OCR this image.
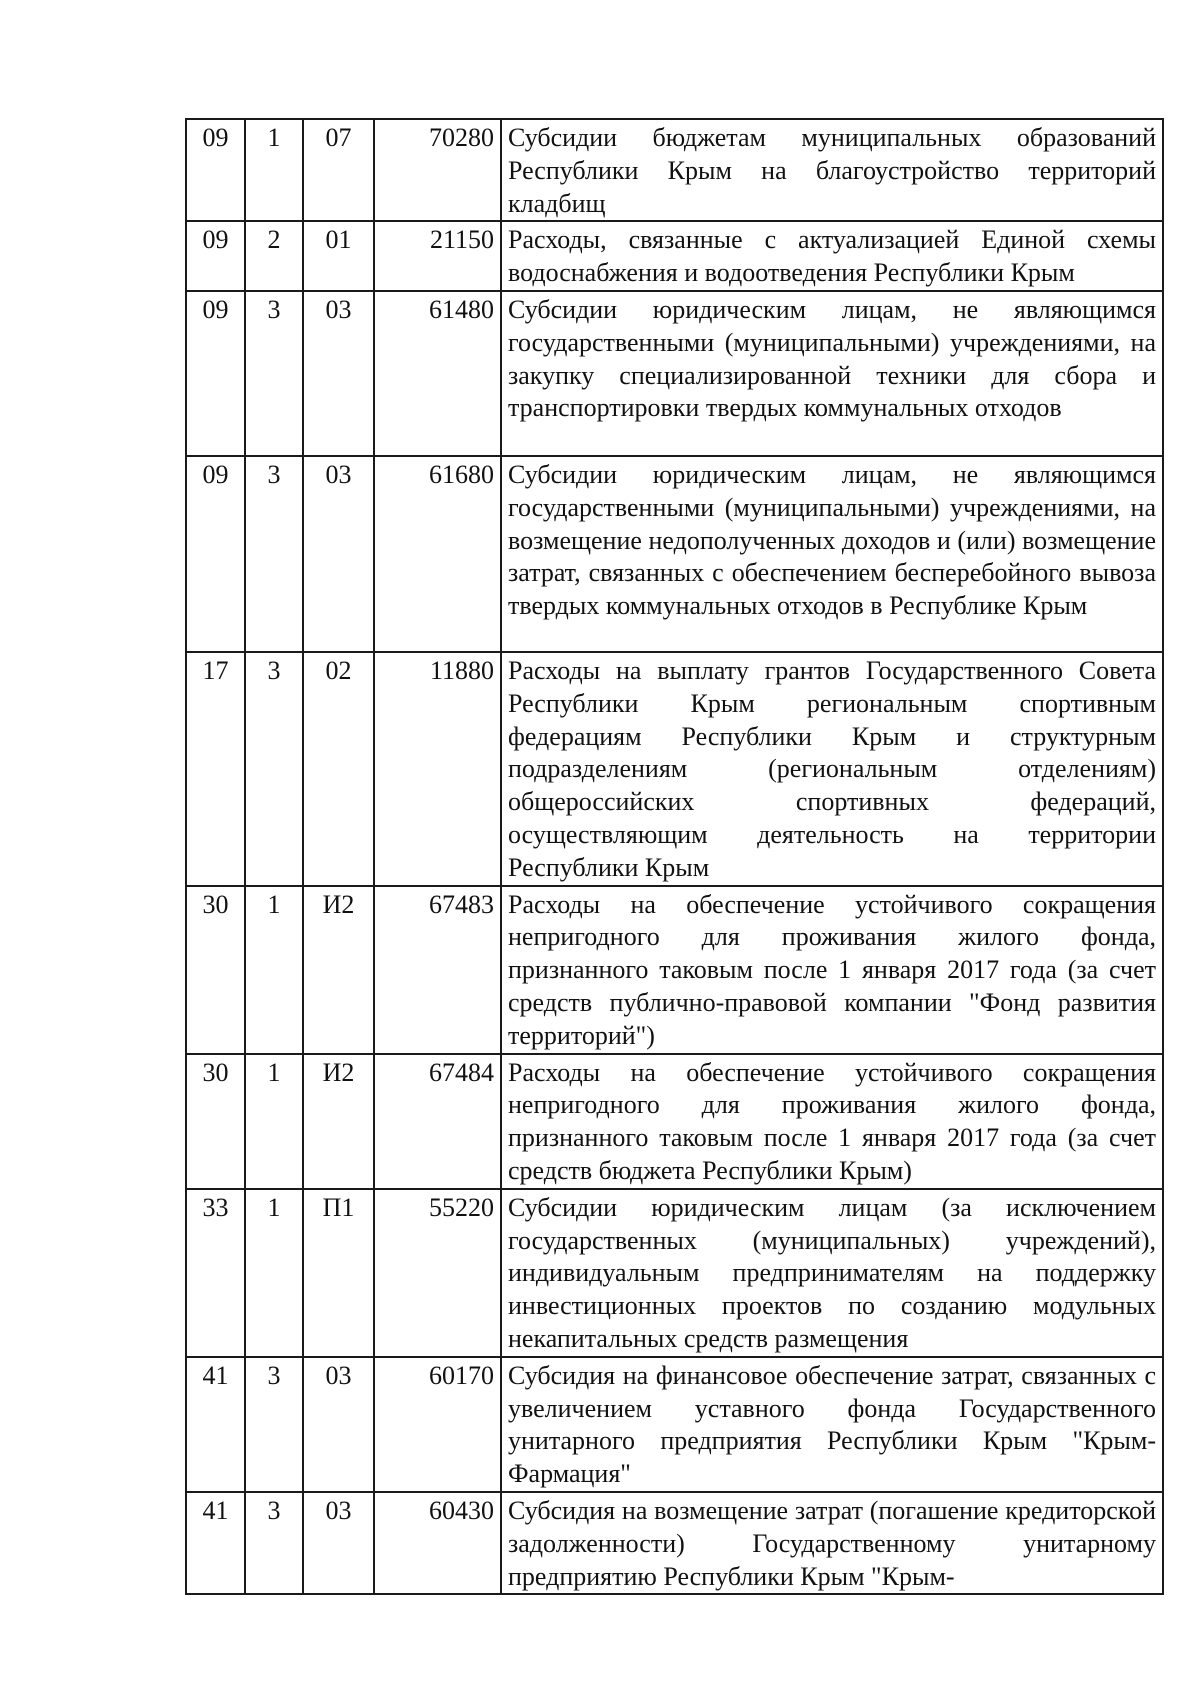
09	1	07	70280	Субсидии бюджетам муниципальных образований Республики Крым на благоустройство территорий кладбищ
09	2	01	21150	Расходы, связанные с актуализацией Единой схемы водоснабжения и водоотведения Республики Крым
09	3	03	61480	Субсидии юридическим лицам, не являющимся государственными (муниципальными) учреждениями, на закупку специализированной техники для сбора и транспортировки твердых коммунальных отходов
09	3	03	61680	Субсидии юридическим лицам, не являющимся государственными (муниципальными) учреждениями, на возмещение недополученных доходов и (или) возмещение затрат, связанных с обеспечением бесперебойного вывоза твердых коммунальных отходов в Республике Крым
17	3	02	11880	Расходы на выплату грантов Государственного Совета Республики Крым региональным спортивным федерациям Республики Крым и структурным подразделениям (региональным отделениям) общероссийских спортивных федераций, осуществляющим деятельность на территории Республики Крым
30	1	И2	67483	Расходы на обеспечение устойчивого сокращения непригодного для проживания жилого фонда, признанного таковым после 1 января 2017 года (за счет средств публично-правовой компании "Фонд развития территорий")
30	1	И2	67484	Расходы на обеспечение устойчивого сокращения непригодного для проживания жилого фонда, признанного таковым после 1 января 2017 года (за счет средств бюджета Республики Крым)
33	1	П1	55220	Субсидии юридическим лицам (за исключением государственных (муниципальных) учреждений), индивидуальным предпринимателям на поддержку инвестиционных проектов по созданию модульных некапитальных средств размещения
41	3	03	60170	Субсидия на финансовое обеспечение затрат, связанных с увеличением уставного фонда Государственного унитарного предприятия Республики Крым "Крым-Фармация"
41	3	03	60430	Субсидия на возмещение затрат (погашение кредиторской задолженности) Государственному унитарному предприятию Республики Крым "Крым-
